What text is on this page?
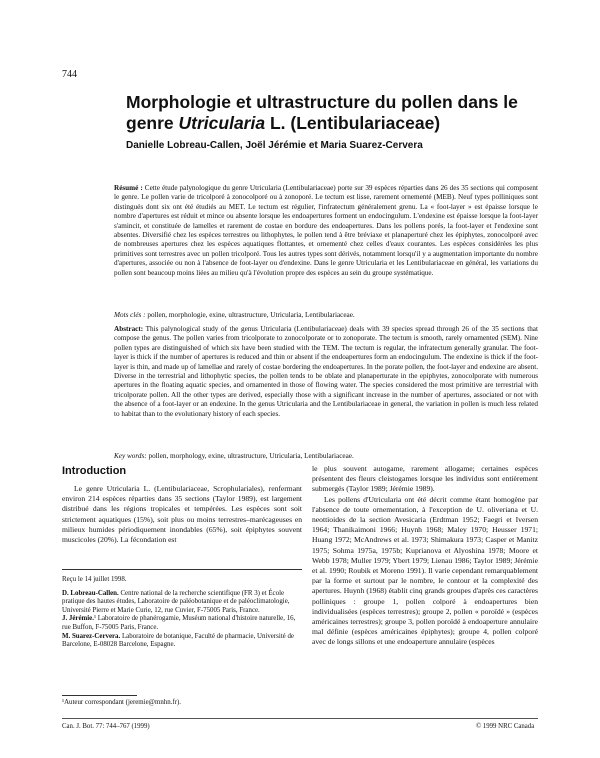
744
Morphologie et ultrastructure du pollen dans le genre Utricularia L. (Lentibulariaceae)
Danielle Lobreau-Callen, Joël Jérémie et Maria Suarez-Cervera
Résumé : Cette étude palynologique du genre Utricularia (Lentibulariaceae) porte sur 39 espèces réparties dans 26 des 35 sections qui composent le genre. Le pollen varie de tricolporé à zonocolporé ou à zonoporé. Le tectum est lisse, rarement ornementé (MEB). Neuf types polliniques sont distingués dont six ont été étudiés au MET. Le tectum est régulier, l'infratectum généralement grenu. La « foot-layer » est épaisse lorsque le nombre d'apertures est réduit et mince ou absente lorsque les endoapertures forment un endocingulum. L'endexine est épaisse lorsque la foot-layer s'amincit, et constituée de lamelles et rarement de costae en bordure des endoapertures. Dans les pollens porés, la foot-layer et l'endexine sont absentes. Diversifié chez les espèces terrestres ou lithophytes, le pollen tend à être bréviaxe et planaperturé chez les épiphytes, zonocolporé avec de nombreuses apertures chez les espèces aquatiques flottantes, et ornementé chez celles d'eaux courantes. Les espèces considérées les plus primitives sont terrestres avec un pollen tricolporé. Tous les autres types sont dérivés, notamment lorsqu'il y a augmentation importante du nombre d'apertures, associée ou non à l'absence de foot-layer ou d'endexine. Dans le genre Utricularia et les Lentibulariaceae en général, les variations du pollen sont beaucoup moins liées au milieu qu'à l'évolution propre des espèces au sein du groupe systématique.
Mots clés : pollen, morphologie, exine, ultrastructure, Utricularia, Lentibulariaceae.
Abstract: This palynological study of the genus Utricularia (Lentibulariaceae) deals with 39 species spread through 26 of the 35 sections that compose the genus. The pollen varies from tricolporate to zonocolporate or to zonoporate. The tectum is smooth, rarely ornamented (SEM). Nine pollen types are distinguished of which six have been studied with the TEM. The tectum is regular, the infratectum generally granular. The foot-layer is thick if the number of apertures is reduced and thin or absent if the endoapertures form an endocingulum. The endexine is thick if the foot-layer is thin, and made up of lamellae and rarely of costae bordering the endoapertures. In the porate pollen, the foot-layer and endexine are absent. Diverse in the terrestrial and lithophytic species, the pollen tends to be oblate and planaperturate in the epiphytes, zonocolporate with numerous apertures in the floating aquatic species, and ornamented in those of flowing water. The species considered the most primitive are terrestrial with tricolporate pollen. All the other types are derived, especially those with a significant increase in the number of apertures, associated or not with the absence of a foot-layer or an endexine. In the genus Utricularia and the Lentibulariaceae in general, the variation in pollen is much less related to habitat than to the evolutionary history of each species.
Key words: pollen, morphology, exine, ultrastructure, Utricularia, Lentibulariaceae.
Introduction

Le genre Utricularia L. (Lentibulariaceae, Scrophulariales), renfermant environ 214 espèces réparties dans 35 sections (Taylor 1989), est largement distribué dans les régions tropicales et tempérées. Les espèces sont soit strictement aquatiques (15%), soit plus ou moins terrestres–marécageuses en milieux humides périodiquement inondables (65%), soit épiphytes souvent muscicoles (20%). La fécondation est

le plus souvent autogame, rarement allogame; certaines espèces présentent des fleurs cleistogames lorsque les individus sont entièrement submergés (Taylor 1989; Jérémie 1989).

Les pollens d'Utricularia ont été décrit comme étant homogène par l'absence de toute ornementation, à l'exception de U. oliveriana et U. neottioides de la section Avesicaria (Erdtman 1952; Faegri et Iversen 1964; Thanikaimoni 1966; Huynh 1968; Maley 1970; Heusser 1971; Huang 1972; McAndrews et al. 1973; Shimakura 1973; Casper et Manitz 1975; Sohma 1975a, 1975b; Kuprianova et Alyoshina 1978; Moore et Webb 1978; Muller 1979; Ybert 1979; Lienau 1986; Taylor 1989; Jérémie et al. 1990; Roubik et Moreno 1991). Il varie cependant remarquablement par la forme et surtout par le nombre, le contour et la complexité des apertures. Huynh (1968) établit cinq grands groupes d'après ces caractères polliniques : groupe 1, pollen colporé à endoapertures bien individualisées (espèces terrestres); groupe 2, pollen « poroïdé » (espèces américaines terrestres); groupe 3, pollen poroïdé à endoaperture annulaire mal définie (espèces américaines épiphytes); groupe 4, pollen colporé avec de longs sillons et une endoaperture annulaire (espèces

Reçu le 14 juillet 1998.

D. Lobreau-Callen. Centre national de la recherche scientifique (FR 3) et École pratique des hautes études, Laboratoire de paléobotanique et de paléoclimatologie, Université Pierre et Marie Curie, 12, rue Cuvier, F-75005 Paris, France.

J. Jérémie.¹ Laboratoire de phanérogamie, Muséum national d'histoire naturelle, 16, rue Buffon, F-75005 Paris, France.

M. Suarez-Cervera. Laboratoire de botanique, Faculté de pharmacie, Université de Barcelone, E-08028 Barcelone, Espagne.

¹Auteur correspondant (jeremie@mnhn.fr).
Can. J. Bot. 77: 744–767 (1999)	© 1999 NRC Canada
